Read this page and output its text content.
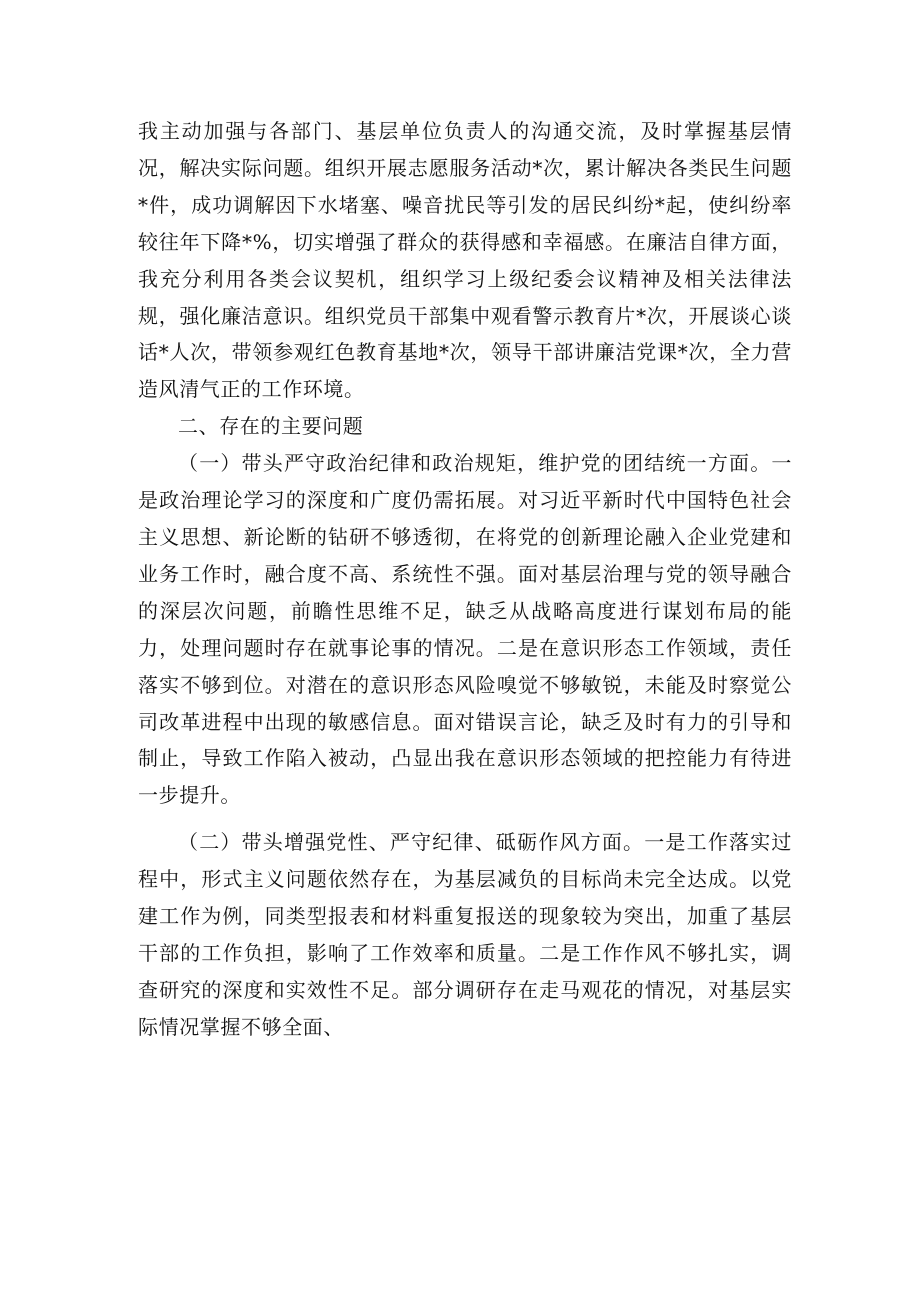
我主动加强与各部门、基层单位负责人的沟通交流，及时掌握基层情况，解决实际问题。组织开展志愿服务活动*次，累计解决各类民生问题*件，成功调解因下水堵塞、噪音扰民等引发的居民纠纷*起，使纠纷率较往年下降*%，切实增强了群众的获得感和幸福感。在廉洁自律方面，我充分利用各类会议契机，组织学习上级纪委会议精神及相关法律法规，强化廉洁意识。组织党员干部集中观看警示教育片*次，开展谈心谈话*人次，带领参观红色教育基地*次，领导干部讲廉洁党课*次，全力营造风清气正的工作环境。

二、存在的主要问题

（一）带头严守政治纪律和政治规矩，维护党的团结统一方面。一是政治理论学习的深度和广度仍需拓展。对习近平新时代中国特色社会主义思想、新论断的钻研不够透彻，在将党的创新理论融入企业党建和业务工作时，融合度不高、系统性不强。面对基层治理与党的领导融合的深层次问题，前瞻性思维不足，缺乏从战略高度进行谋划布局的能力，处理问题时存在就事论事的情况。二是在意识形态工作领域，责任落实不够到位。对潜在的意识形态风险嗅觉不够敏锐，未能及时察觉公司改革进程中出现的敏感信息。面对错误言论，缺乏及时有力的引导和制止，导致工作陷入被动，凸显出我在意识形态领域的把控能力有待进一步提升。

（二）带头增强党性、严守纪律、砥砺作风方面。一是工作落实过程中，形式主义问题依然存在，为基层减负的目标尚未完全达成。以党建工作为例，同类型报表和材料重复报送的现象较为突出，加重了基层干部的工作负担，影响了工作效率和质量。二是工作作风不够扎实，调查研究的深度和实效性不足。部分调研存在走马观花的情况，对基层实际情况掌握不够全面、
